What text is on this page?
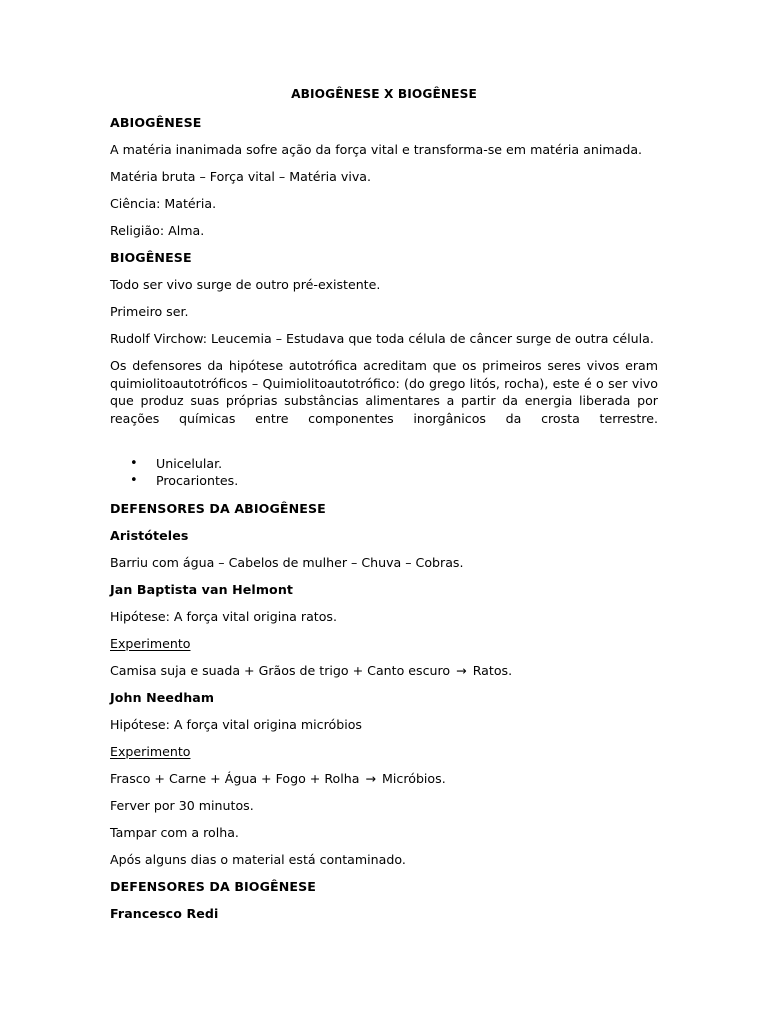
ABIOGÊNESE X BIOGÊNESE
ABIOGÊNESE
A matéria inanimada sofre ação da força vital e transforma-se em matéria animada.
Matéria bruta – Força vital – Matéria viva.
Ciência: Matéria.
Religião: Alma.
BIOGÊNESE
Todo ser vivo surge de outro pré-existente.
Primeiro ser.
Rudolf Virchow: Leucemia – Estudava que toda célula de câncer surge de outra célula.
Os defensores da hipótese autotrófica acreditam que os primeiros seres vivos eram quimiolitoautotróficos – Quimiolitoautotrófico: (do grego litós, rocha), este é o ser vivo que produz suas próprias substâncias alimentares a partir da energia liberada por reações químicas entre componentes inorgânicos da crosta terrestre.
• Unicelular.
• Procariontes.
DEFENSORES DA ABIOGÊNESE
Aristóteles
Barriu com água – Cabelos de mulher – Chuva – Cobras.
Jan Baptista van Helmont
Hipótese: A força vital origina ratos.
Experimento
Camisa suja e suada + Grãos de trigo + Canto escuro → Ratos.
John Needham
Hipótese: A força vital origina micróbios
Experimento
Frasco + Carne + Água + Fogo + Rolha → Micróbios.
Ferver por 30 minutos.
Tampar com a rolha.
Após alguns dias o material está contaminado.
DEFENSORES DA BIOGÊNESE
Francesco Redi
